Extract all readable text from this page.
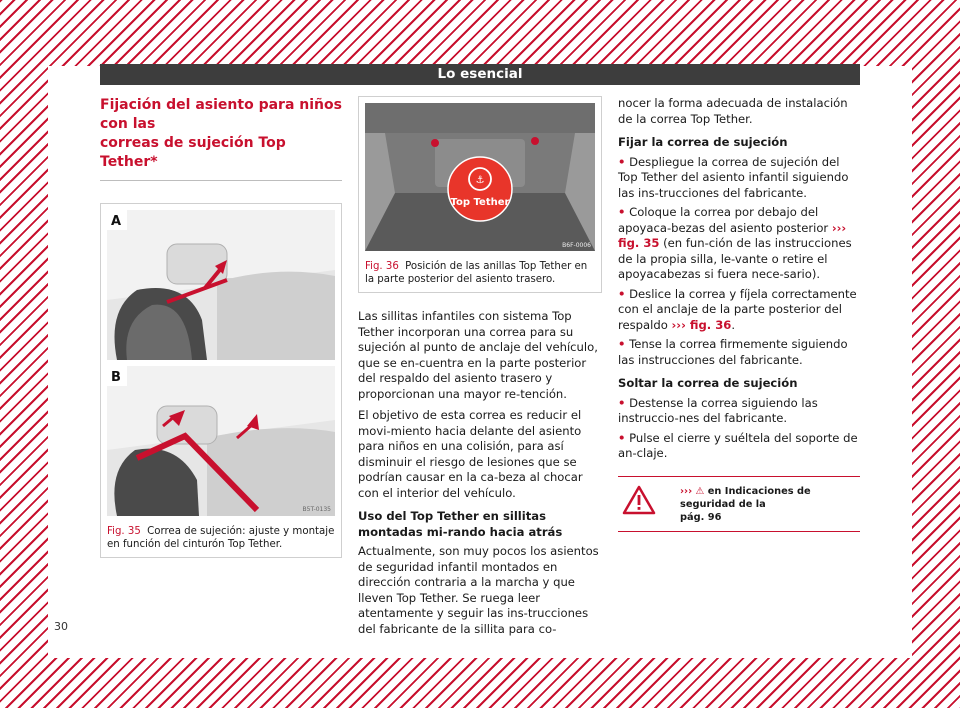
Lo esencial
Fijación del asiento para niños con las
correas de sujeción Top Tether*
A
B
B5T-0135
Fig. 35 Correa de sujeción: ajuste y montaje en función del cinturón Top Tether.
⚓
Top Tether
B6F-0006
Fig. 36 Posición de las anillas Top Tether en la parte posterior del asiento trasero.

Las sillitas infantiles con sistema Top Tether incorporan una correa para su sujeción al punto de anclaje del vehículo, que se en-cuentra en la parte posterior del respaldo del asiento trasero y proporcionan una mayor re-tención.

El objetivo de esta correa es reducir el movi-miento hacia delante del asiento para niños en una colisión, para así disminuir el riesgo de lesiones que se podrían causar en la ca-beza al chocar con el interior del vehículo.

Uso del Top Tether en sillitas montadas mi-rando hacia atrás

Actualmente, son muy pocos los asientos de seguridad infantil montados en dirección contraria a la marcha y que lleven Top Tether. Se ruega leer atentamente y seguir las ins-trucciones del fabricante de la sillita para co-

nocer la forma adecuada de instalación de la correa Top Tether.

Fijar la correa de sujeción
• Despliegue la correa de sujeción del Top Tether del asiento infantil siguiendo las ins-trucciones del fabricante.
• Coloque la correa por debajo del apoyaca-bezas del asiento posterior ››› fig. 35 (en fun-ción de las instrucciones de la propia silla, le-vante o retire el apoyacabezas si fuera nece-sario).
• Deslice la correa y fíjela correctamente con el anclaje de la parte posterior del respaldo ››› fig. 36.
• Tense la correa firmemente siguiendo las instrucciones del fabricante.
Soltar la correa de sujeción
• Destense la correa siguiendo las instruccio-nes del fabricante.
• Pulse el cierre y suéltela del soporte de an-claje.
››› ⚠ en Indicaciones de seguridad de la
pág. 96
30
